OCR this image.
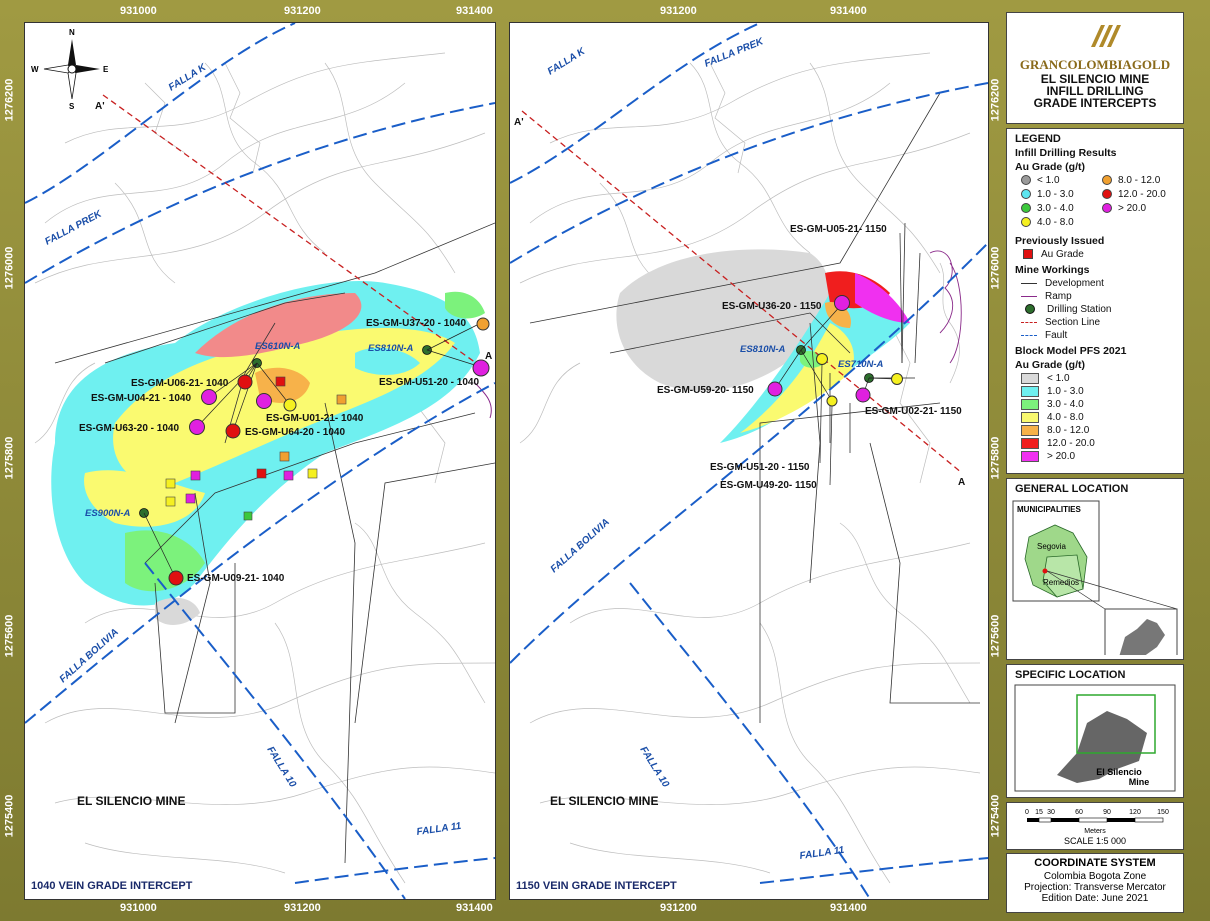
931000	931200	931400	931200	931400
931000	931200	931400	931200	931400
1276200
1276000
1275800
1275600
1275400
1276200
1276000
1275800
1275600
1275400
A'
A
FALLA K
FALLA PREK
FALLA BOLIVIA
FALLA 10
FALLA 11
ES610N-A	ES810N-A
ES900N-A
ES-GM-U37-20 - 1040
ES-GM-U51-20 - 1040
ES-GM-U06-21- 1040
ES-GM-U04-21 - 1040
ES-GM-U01-21- 1040
ES-GM-U63-20 - 1040	ES-GM-U64-20 - 1040
ES-GM-U09-21- 1040
N
S
E
W
EL SILENCIO MINE
1040 VEIN GRADE INTERCEPT
A'
A
FALLA K	FALLA PREK
FALLA BOLIVIA
FALLA 10
FALLA 11
ES810N-A
ES710N-A
ES-GM-U05-21- 1150
ES-GM-U36-20 - 1150
ES-GM-U59-20- 1150
ES-GM-U02-21- 1150
ES-GM-U51-20 - 1150
ES-GM-U49-20- 1150
EL SILENCIO MINE
1150 VEIN GRADE INTERCEPT
GRANCOLOMBIAGOLD
EL SILENCIO MINE
INFILL DRILLING
GRADE INTERCEPTS
LEGEND
Infill Drilling Results
Au Grade (g/t)
< 1.0	8.0 - 12.0
1.0 - 3.0	12.0 - 20.0
3.0 - 4.0	> 20.0
4.0 - 8.0
Previously Issued
Au Grade
Mine Workings
Development
Ramp
Drilling Station
Section Line
Fault
Block Model PFS 2021
Au Grade (g/t)
< 1.0
1.0 - 3.0
3.0 - 4.0
4.0 - 8.0
8.0 - 12.0
12.0 - 20.0
> 20.0
GENERAL LOCATION
MUNICIPALITIES
Segovia
Remedios
SPECIFIC LOCATION
El Silencio
Mine
0 15 30	60	90	120 150
Meters
SCALE 1:5 000
COORDINATE SYSTEM
Colombia Bogota Zone
Projection: Transverse Mercator
Edition Date: June 2021
